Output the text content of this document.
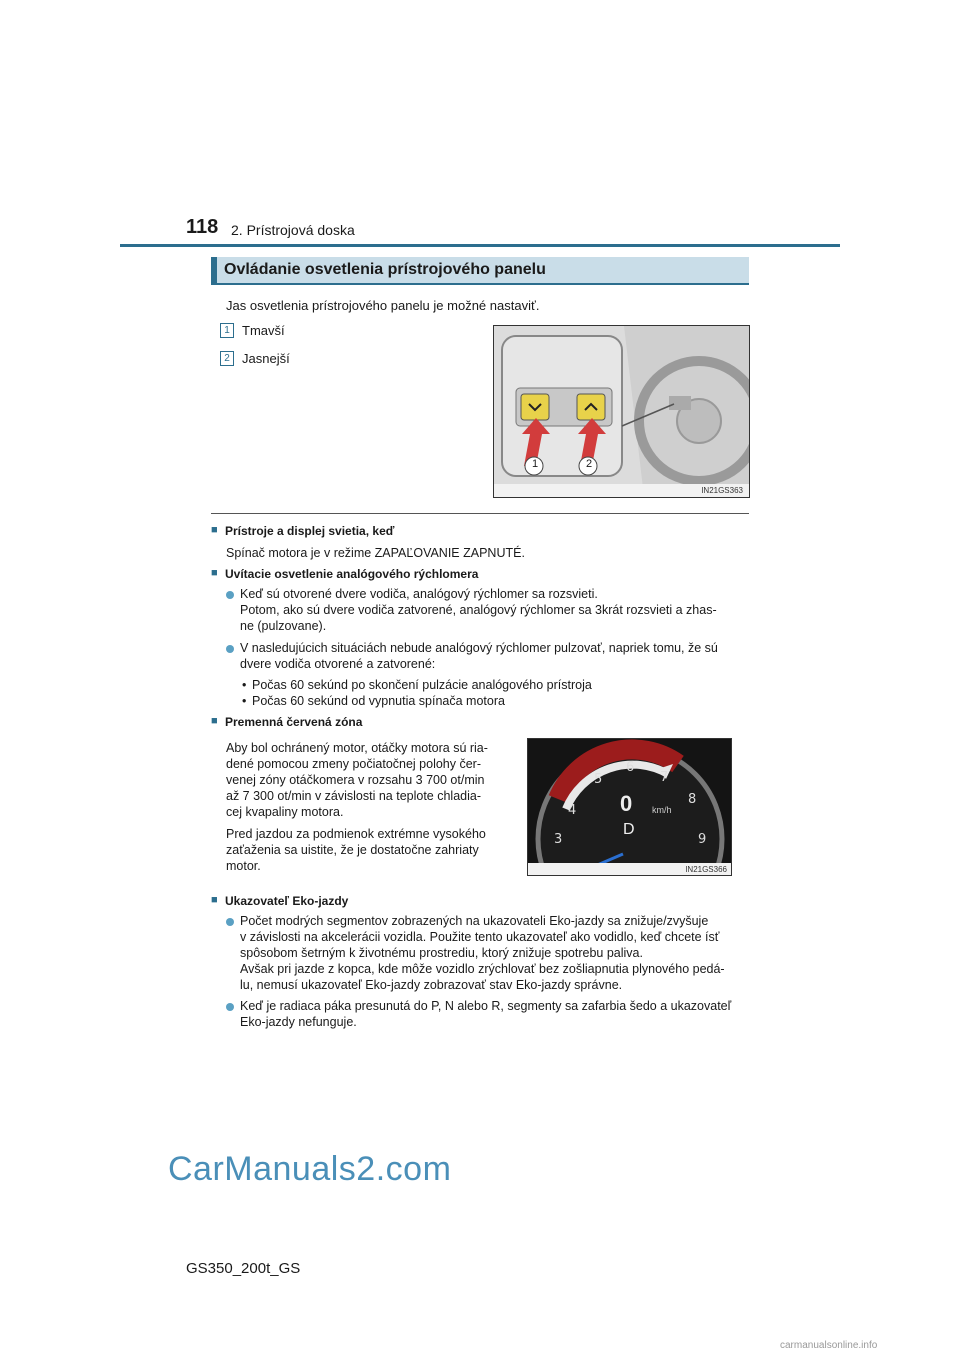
118 2. Prístrojová doska
Ovládanie osvetlenia prístrojového panelu
Jas osvetlenia prístrojového panelu je možné nastaviť.
1 Tmavší
2 Jasnejší
1	2
IN21GS363
■ Prístroje a displej svietia, keď
Spínač motora je v režime ZAPAĽOVANIE ZAPNUTÉ.
■ Uvítacie osvetlenie analógového rýchlomera
Keď sú otvorené dvere vodiča, analógový rýchlomer sa rozsvieti.
Potom, ako sú dvere vodiča zatvorené, analógový rýchlomer sa 3krát rozsvieti a zhas-
ne (pulzovane).
V nasledujúcich situáciách nebude analógový rýchlomer pulzovať, napriek tomu, že sú
dvere vodiča otvorené a zatvorené:
• Počas 60 sekúnd po skončení pulzácie analógového prístroja
• Počas 60 sekúnd od vypnutia spínača motora
■ Premenná červená zóna
Aby bol ochránený motor, otáčky motora sú ria-
dené pomocou zmeny počiatočnej polohy čer-
venej zóny otáčkomera v rozsahu 3 700 ot/min
až 7 300 ot/min v závislosti na teplote chladia-
cej kvapaliny motora.
Pred jazdou za podmienok extrémne vysokého
zaťaženia sa uistite, že je dostatočne zahriaty
motor.
4
3
5
6
7
8
9
0 km/h
D
IN21GS366
■ Ukazovateľ Eko-jazdy
Počet modrých segmentov zobrazených na ukazovateli Eko-jazdy sa znižuje/zvyšuje
v závislosti na akcelerácii vozidla. Použite tento ukazovateľ ako vodidlo, keď chcete ísť
spôsobom šetrným k životnému prostrediu, ktorý znižuje spotrebu paliva.
Avšak pri jazde z kopca, kde môže vozidlo zrýchlovať bez zošliapnutia plynového pedá-
lu, nemusí ukazovateľ Eko-jazdy zobrazovať stav Eko-jazdy správne.
Keď je radiaca páka presunutá do P, N alebo R, segmenty sa zafarbia šedo a ukazovateľ
Eko-jazdy nefunguje.
CarManuals2.com
GS350_200t_GS
carmanualsonline.info
